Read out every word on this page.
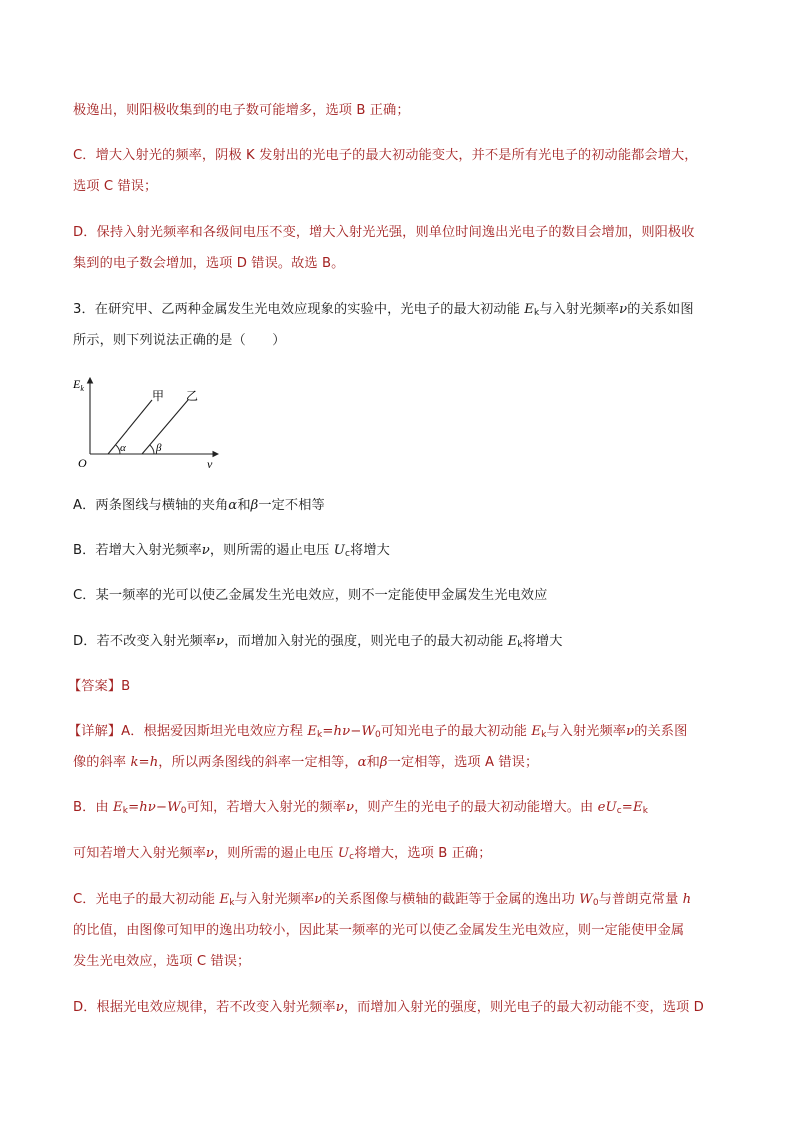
极逸出，则阳极收集到的电子数可能增多，选项 B 正确；
C．增大入射光的频率，阴极 K 发射出的光电子的最大初动能变大，并不是所有光电子的初动能都会增大，
选项 C 错误；
D．保持入射光频率和各级间电压不变，增大入射光光强，则单位时间逸出光电子的数目会增加，则阳极收
集到的电子数会增加，选项 D 错误。故选 B。
3．在研究甲、乙两种金属发生光电效应现象的实验中，光电子的最大初动能 $E_k$与入射光频率ν的关系如图
所示，则下列说法正确的是（　　）
$E_k$
v
O
甲 乙
α	β
A．两条图线与横轴的夹角α和β一定不相等
B．若增大入射光频率ν，则所需的遏止电压 $U_c$将增大
C．某一频率的光可以使乙金属发生光电效应，则不一定能使甲金属发生光电效应
D．若不改变入射光频率ν，而增加入射光的强度，则光电子的最大初动能 $E_k$将增大
【答案】B
【详解】A．根据爱因斯坦光电效应方程 $E_k=h\nu-W_0$可知光电子的最大初动能 $E_k$与入射光频率ν的关系图
像的斜率 k=h，所以两条图线的斜率一定相等，α和β一定相等，选项 A 错误；
B．由 $E_k=h\nu-W_0$可知，若增大入射光的频率ν，则产生的光电子的最大初动能增大。由 $eU_c=E_k$
可知若增大入射光频率ν，则所需的遏止电压 $U_c$将增大，选项 B 正确；
C．光电子的最大初动能 $E_k$与入射光频率ν的关系图像与横轴的截距等于金属的逸出功 $W_0$与普朗克常量 h
的比值，由图像可知甲的逸出功较小，因此某一频率的光可以使乙金属发生光电效应，则一定能使甲金属
发生光电效应，选项 C 错误；
D．根据光电效应规律，若不改变入射光频率ν，而增加入射光的强度，则光电子的最大初动能不变，选项 D
